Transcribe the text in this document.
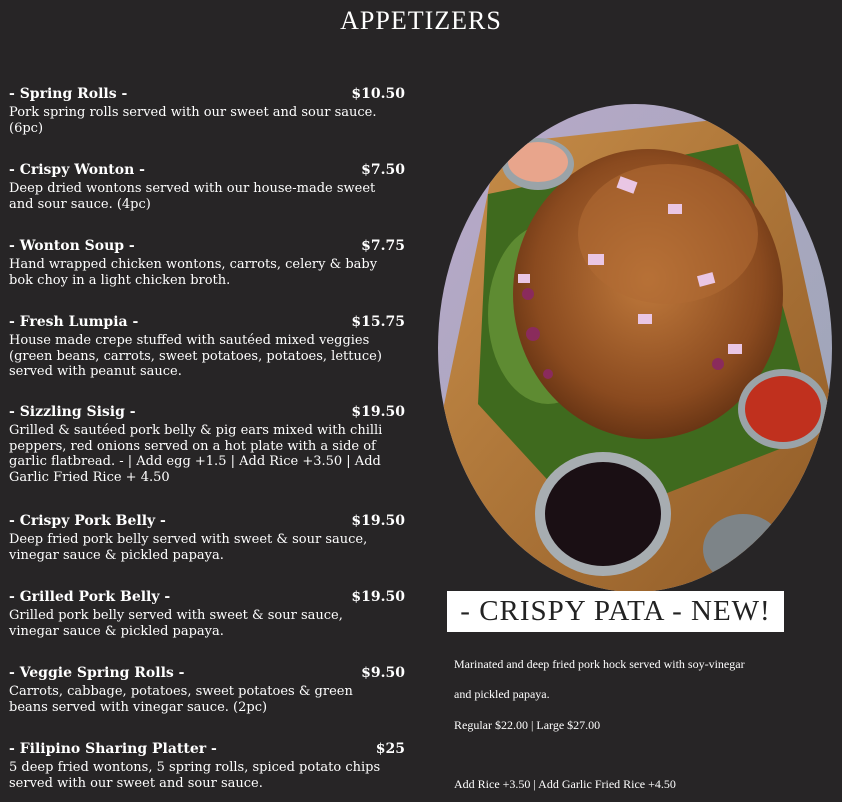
APPETIZERS
- Spring Rolls -	$10.50
Pork spring rolls served with our sweet and sour sauce.(6pc)
- Crispy Wonton -	$7.50
Deep dried wontons served with our house-made sweet and sour sauce. (4pc)
- Wonton Soup -	$7.75
Hand wrapped chicken wontons, carrots, celery & baby bok choy in a light chicken broth.
- Fresh Lumpia -	$15.75
House made crepe stuffed with sautéed mixed veggies (green beans, carrots, sweet potatoes, potatoes, lettuce) served with peanut sauce.
- Sizzling Sisig -	$19.50
Grilled & sautéed pork belly & pig ears mixed with chilli peppers, red onions served on a hot plate with a side of garlic flatbread. - | Add egg +1.5 | Add Rice +3.50 | Add Garlic Fried Rice + 4.50
- Crispy Pork Belly -	$19.50
Deep fried pork belly served with sweet & sour sauce, vinegar sauce & pickled papaya.
- Grilled Pork Belly -	$19.50
Grilled pork belly served with sweet & sour sauce, vinegar sauce & pickled papaya.
- Veggie Spring Rolls -	$9.50
Carrots, cabbage, potatoes, sweet potatoes & green beans served with vinegar sauce. (2pc)
- Filipino Sharing Platter -	$25
5 deep fried wontons, 5 spring rolls, spiced potato chips served with our sweet and sour sauce.
- CRISPY PATA - NEW!
Marinated and deep fried pork hock served with soy-vinegar
and pickled papaya.
Regular $22.00 | Large $27.00
Add Rice +3.50 | Add Garlic Fried Rice +4.50
